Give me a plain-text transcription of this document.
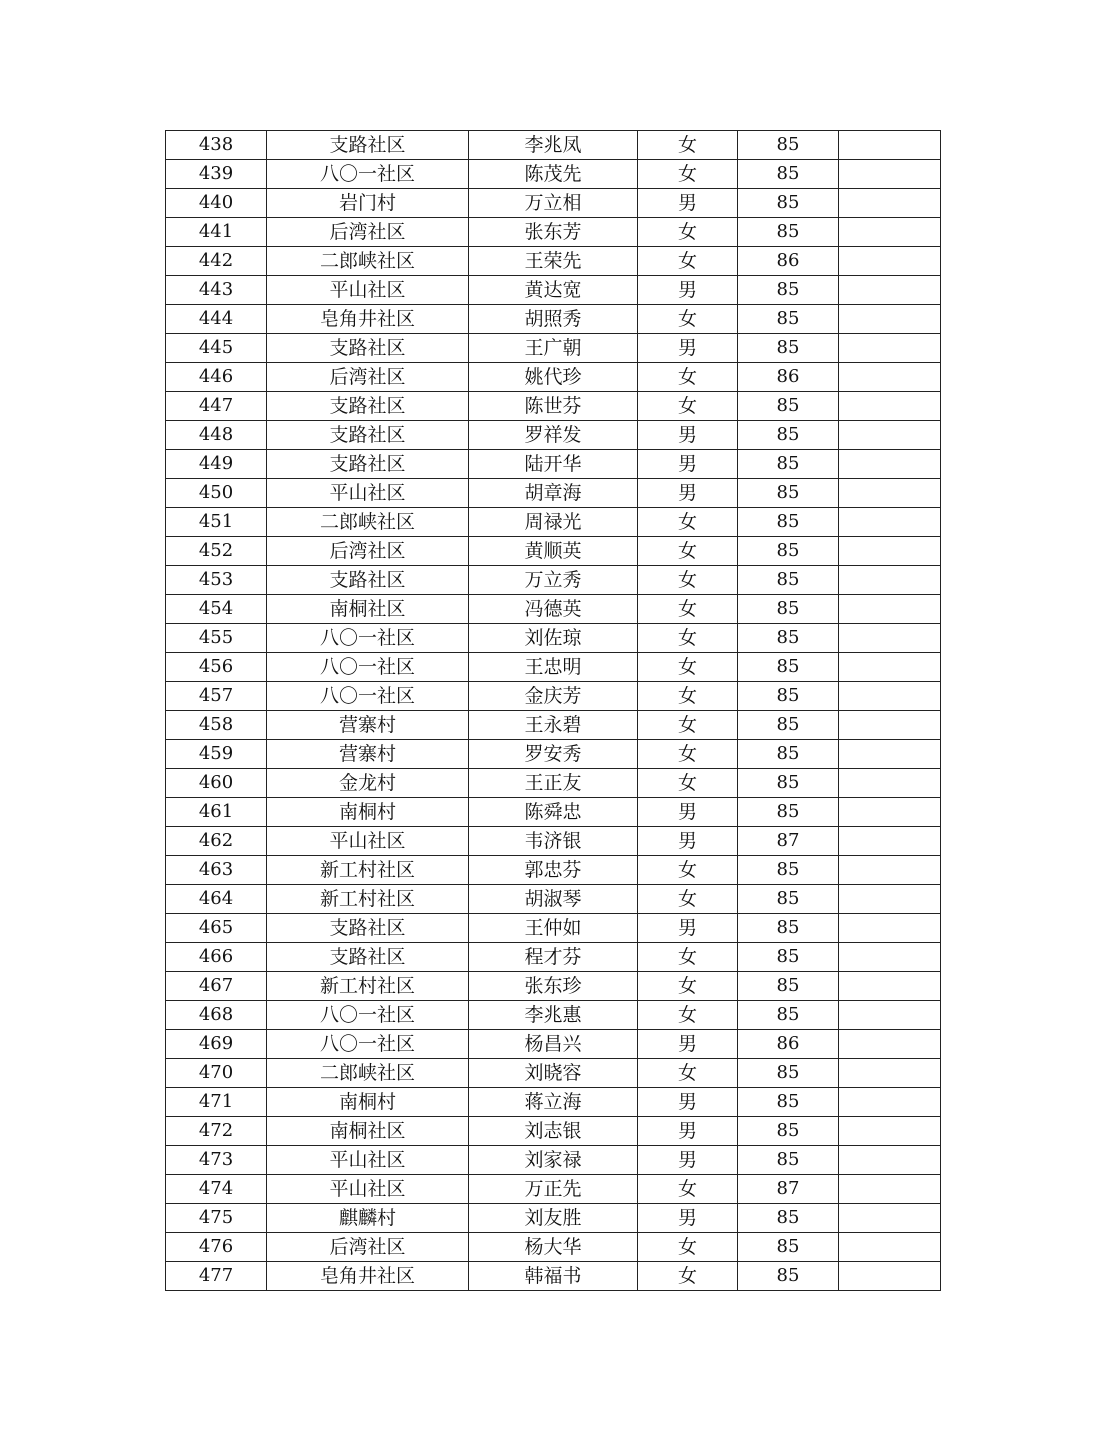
438	支路社区	李兆凤	女	85	
439	八〇一社区	陈茂先	女	85	
440	岩门村	万立相	男	85	
441	后湾社区	张东芳	女	85	
442	二郎峡社区	王荣先	女	86	
443	平山社区	黄达宽	男	85	
444	皂角井社区	胡照秀	女	85	
445	支路社区	王广朝	男	85	
446	后湾社区	姚代珍	女	86	
447	支路社区	陈世芬	女	85	
448	支路社区	罗祥发	男	85	
449	支路社区	陆开华	男	85	
450	平山社区	胡章海	男	85	
451	二郎峡社区	周禄光	女	85	
452	后湾社区	黄顺英	女	85	
453	支路社区	万立秀	女	85	
454	南桐社区	冯德英	女	85	
455	八〇一社区	刘佐琼	女	85	
456	八〇一社区	王忠明	女	85	
457	八〇一社区	金庆芳	女	85	
458	营寨村	王永碧	女	85	
459	营寨村	罗安秀	女	85	
460	金龙村	王正友	女	85	
461	南桐村	陈舜忠	男	85	
462	平山社区	韦济银	男	87	
463	新工村社区	郭忠芬	女	85	
464	新工村社区	胡淑琴	女	85	
465	支路社区	王仲如	男	85	
466	支路社区	程才芬	女	85	
467	新工村社区	张东珍	女	85	
468	八〇一社区	李兆惠	女	85	
469	八〇一社区	杨昌兴	男	86	
470	二郎峡社区	刘晓容	女	85	
471	南桐村	蒋立海	男	85	
472	南桐社区	刘志银	男	85	
473	平山社区	刘家禄	男	85	
474	平山社区	万正先	女	87	
475	麒麟村	刘友胜	男	85	
476	后湾社区	杨大华	女	85	
477	皂角井社区	韩福书	女	85	
